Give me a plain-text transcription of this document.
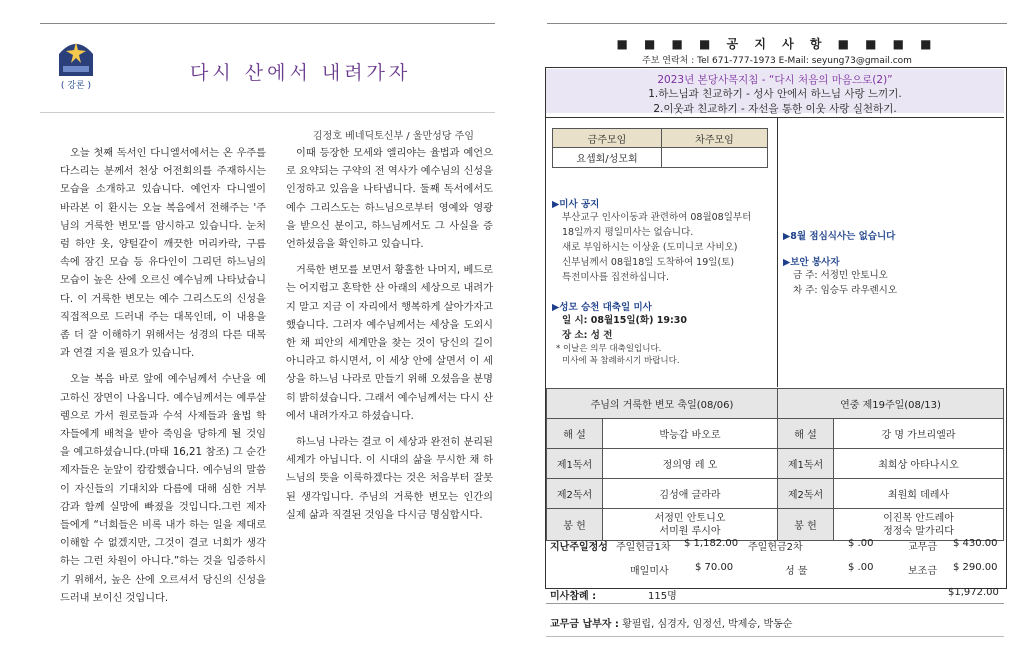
( 강론 )
다시 산에서 내려가자
김정호 베네딕토신부 / 울만성당 주임

오늘 첫째 독서인 다니엘서에서는 온 우주를 다스리는 분께서 천상 어전회의를 주재하시는 모습을 소개하고 있습니다. 예언자 다니엘이 바라본 이 환시는 오늘 복음에서 전해주는 '주님의 거룩한 변모'를 암시하고 있습니다. 눈처럼 하얀 옷, 양털같이 깨끗한 머리카락, 구름 속에 잠긴 모습 등 유다인이 그리던 하느님의 모습이 높은 산에 오르신 예수님께 나타났습니다. 이 거룩한 변모는 예수 그리스도의 신성을 직접적으로 드러내 주는 대목인데, 이 내용을 좀 더 잘 이해하기 위해서는 성경의 다른 대목과 연결 지을 필요가 있습니다.

오늘 복음 바로 앞에 예수님께서 수난을 예고하신 장면이 나옵니다. 예수님께서는 예루살렘으로 가서 원로들과 수석 사제들과 율법 학자들에게 배척을 받아 죽임을 당하게 될 것임을 예고하셨습니다.(마태 16,21 참조) 그 순간 제자들은 눈앞이 캄캄했습니다. 예수님의 말씀이 자신들의 기대치와 다름에 대해 심한 거부감과 함께 실망에 빠졌을 것입니다.그런 제자들에게 “너희들은 비록 내가 하는 일을 제대로 이해할 수 없겠지만, 그것이 결코 너희가 생각하는 그런 차원이 아니다.”하는 것을 입증하시기 위해서, 높은 산에 오르셔서 당신의 신성을 드러내 보이신 것입니다.

이때 등장한 모세와 엘리야는 율법과 예언으로 요약되는 구약의 전 역사가 예수님의 신성을 인정하고 있음을 나타냅니다. 둘째 독서에서도 예수 그리스도는 하느님으로부터 영예와 영광을 받으신 분이고, 하느님께서도 그 사실을 증언하셨음을 확인하고 있습니다.

거룩한 변모를 보면서 황홀한 나머지, 베드로는 어지럽고 혼탁한 산 아래의 세상으로 내려가지 말고 지금 이 자리에서 행복하게 살아가자고 했습니다. 그러자 예수님께서는 세상을 도외시한 채 피안의 세계만을 찾는 것이 당신의 길이 아니라고 하시면서, 이 세상 안에 살면서 이 세상을 하느님 나라로 만들기 위해 오셨음을 분명히 밝히셨습니다. 그래서 예수님께서는 다시 산에서 내려가자고 하셨습니다.

하느님 나라는 결코 이 세상과 완전히 분리된 세계가 아닙니다. 이 시대의 삶을 무시한 채 하느님의 뜻을 이룩하겠다는 것은 처음부터 잘못된 생각입니다. 주님의 거룩한 변모는 인간의 실제 삶과 직결된 것임을 다시금 명심합시다.

■ ■ ■ ■ 공 지 사 항 ■ ■ ■ ■
주보 연락처 : Tel 671-777-1973 E-Mail: seyung73@gmail.com
2023년 본당사목지침 - “다시 처음의 마음으로(2)”
1.하느님과 친교하기 - 성사 안에서 하느님 사랑 느끼기.
2.이웃과 친교하기 - 자선을 통한 이웃 사랑 실천하기.
금주모임	차주모임
요셉회/성모회	
▶미사 공지
부산교구 인사이동과 관련하여 08월08일부터
18일까지 평일미사는 없습니다.
새로 부임하시는 이상윤 (도미니코 사비오)
신부님께서 08월18일 도착하여 19일(토)
특전미사를 집전하십니다.
▶성모 승천 대축일 미사
일 시: 08월15일(화) 19:30
장 소: 성 전
* 이날은 의무 대축일입니다.
미사에 꼭 참례하시기 바랍니다.
▶8월 점심식사는 없습니다
▶보안 봉사자
금 주: 서정민 안토니오
차 주: 임승두 라우렌시오
주님의 거룩한 변모 축일(08/06)		연중 제19주일(08/13)	
해 설	박능갑 바오로	해 설	강 명 가브리엘라
제1독서	정의영 레 오	제1독서	최희상 아타나시오
제2독서	김성애 글라라	제2독서	최원희 데레사
봉 헌	서정민 안토니오
서미원 루시아	봉 헌	이진목 안드레아
정정숙 말가리다
지난주일정성 주일헌금1차 $ 1,182.00 주일헌금2차	$ .00	교무금 $ 430.00
매일미사	$ 70.00	성 물	$ .00	보조금 $ 290.00
미사참례 :	115명	$1,972.00
교무금 납부자 : 황필립, 심경자, 임정선, 박제승, 박동순
